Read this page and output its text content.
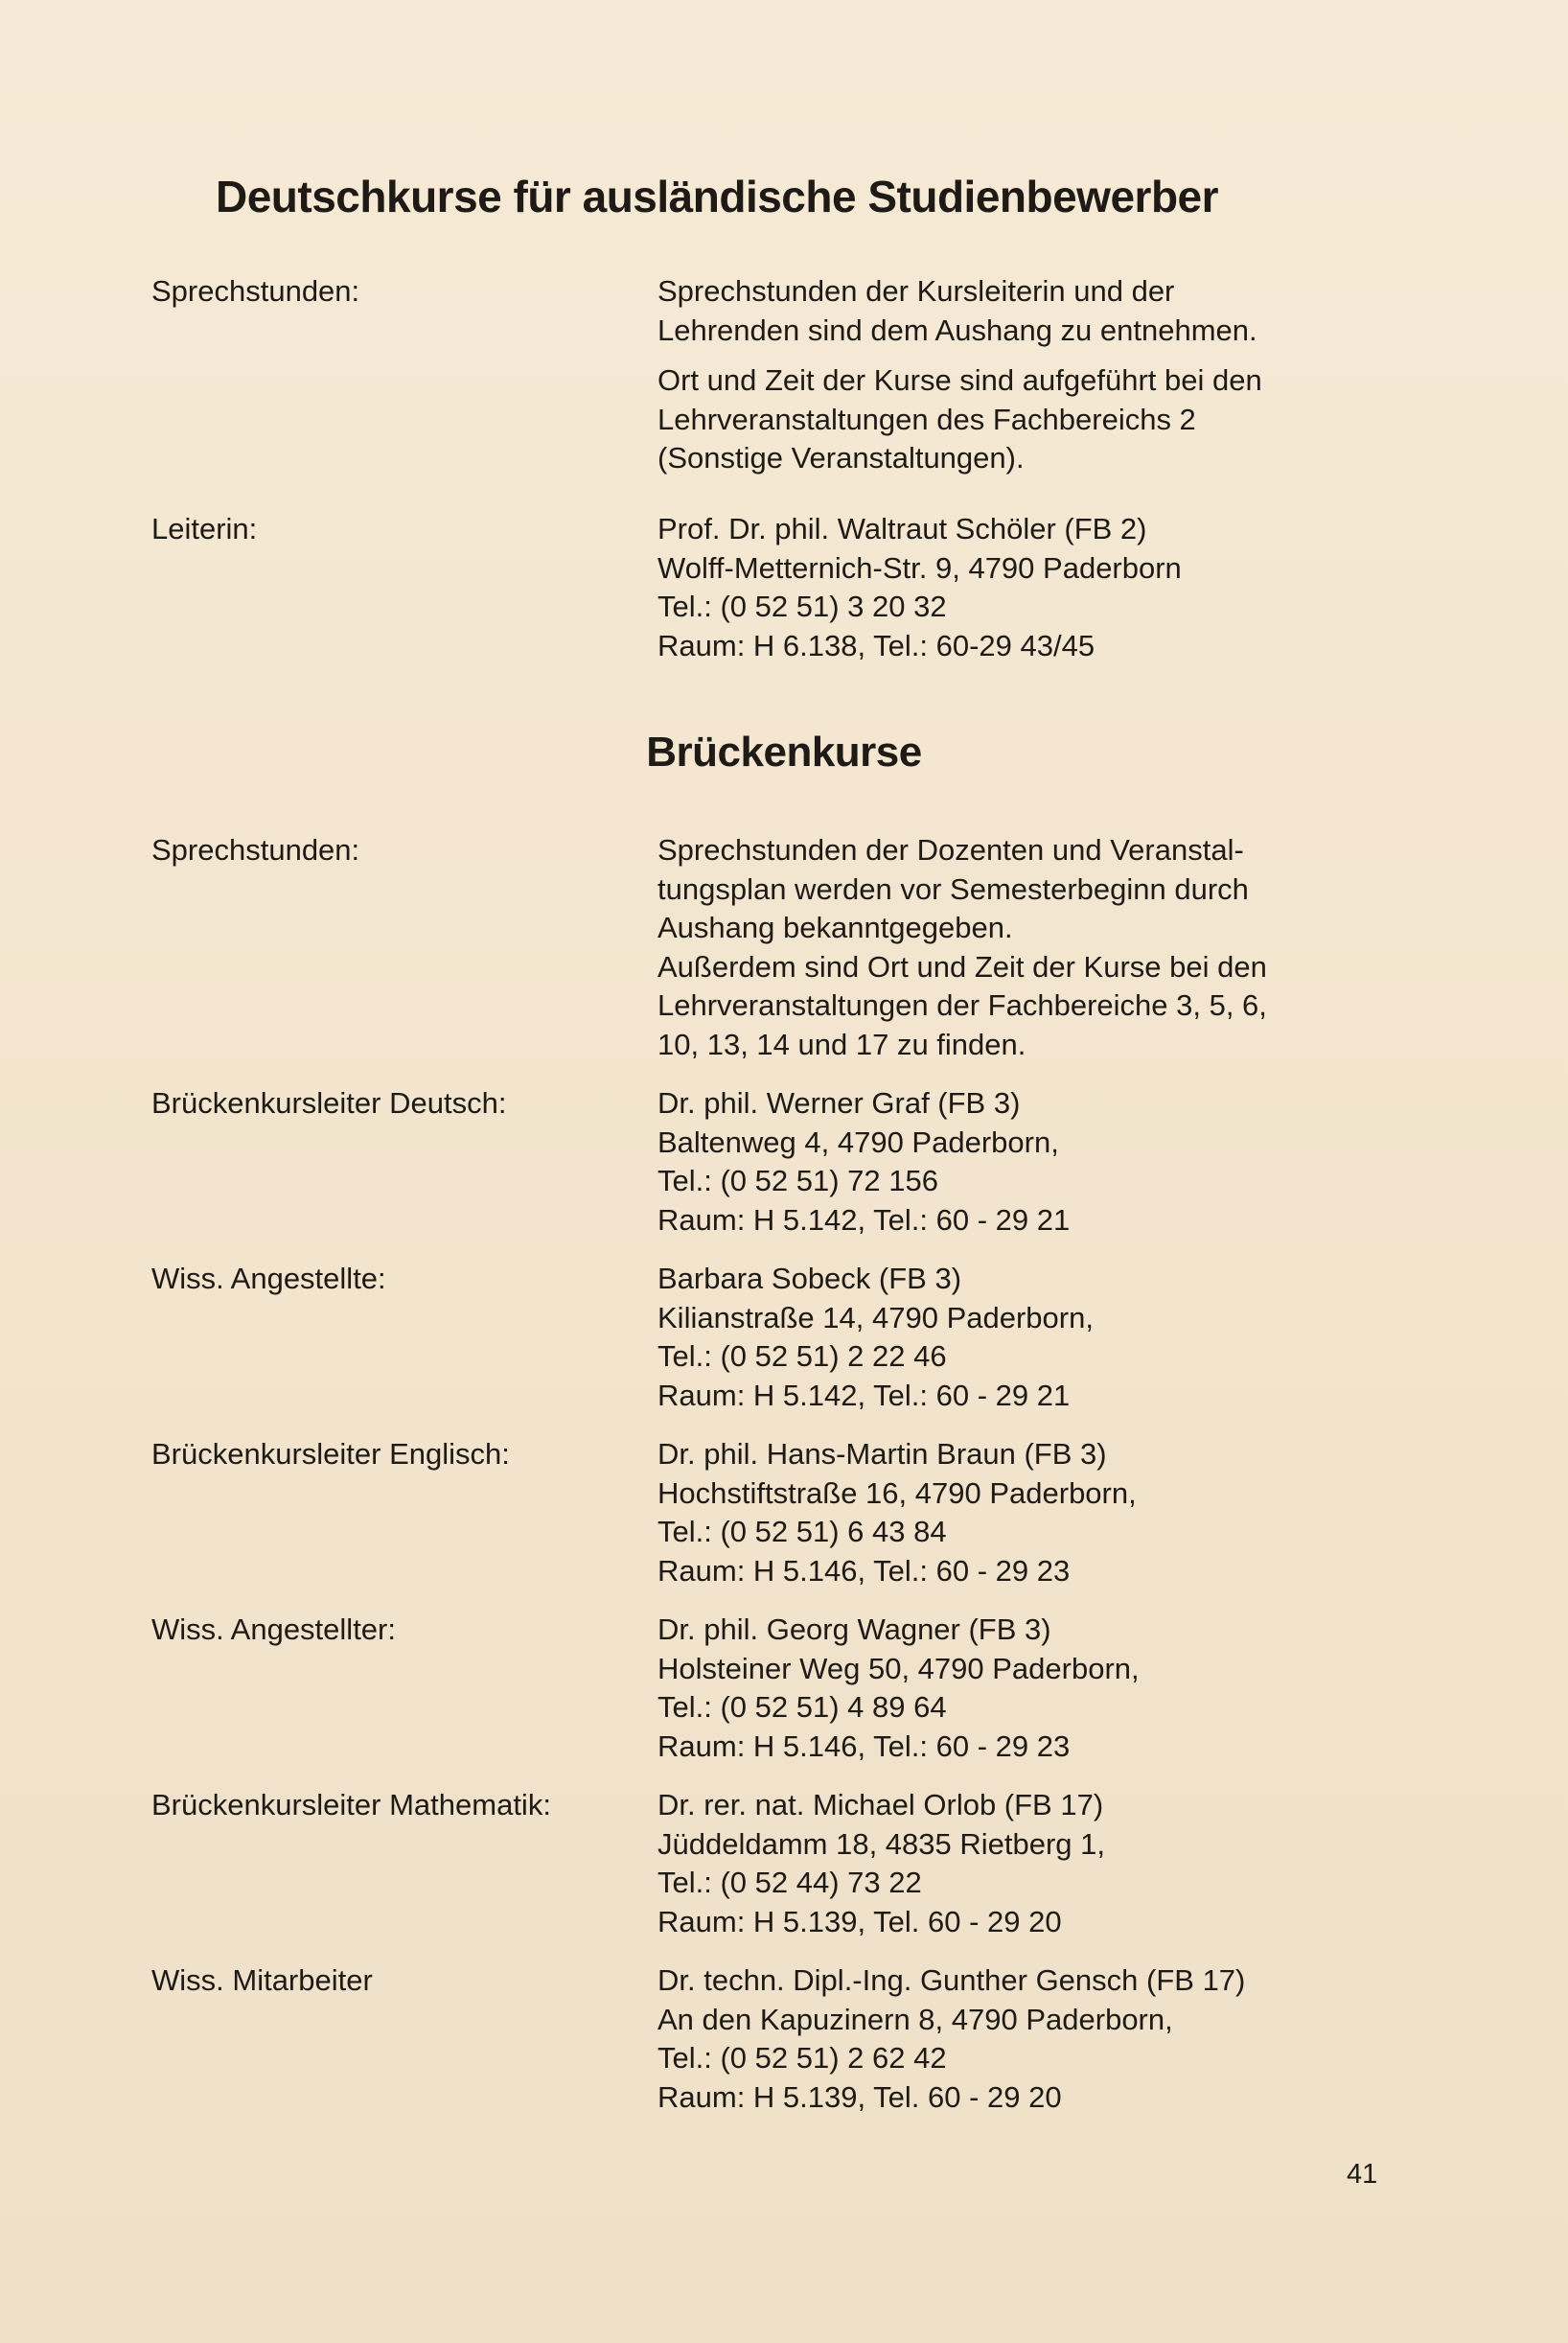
Deutschkurse für ausländische Studienbewerber
Sprechstunden:	Sprechstunden der Kursleiterin und der
Lehrenden sind dem Aushang zu entnehmen.
Ort und Zeit der Kurse sind aufgeführt bei den
Lehrveranstaltungen des Fachbereichs 2
(Sonstige Veranstaltungen).
Leiterin:	Prof. Dr. phil. Waltraut Schöler (FB 2)
Wolff-Metternich-Str. 9, 4790 Paderborn
Tel.: (0 52 51) 3 20 32
Raum: H 6.138, Tel.: 60-29 43/45
Brückenkurse
Sprechstunden:	Sprechstunden der Dozenten und Veranstal-
tungsplan werden vor Semesterbeginn durch
Aushang bekanntgegeben.
Außerdem sind Ort und Zeit der Kurse bei den
Lehrveranstaltungen der Fachbereiche 3, 5, 6,
10, 13, 14 und 17 zu finden.
Brückenkursleiter Deutsch:	Dr. phil. Werner Graf (FB 3)
Baltenweg 4, 4790 Paderborn,
Tel.: (0 52 51) 72 156
Raum: H 5.142, Tel.: 60 - 29 21
Wiss. Angestellte:	Barbara Sobeck (FB 3)
Kilianstraße 14, 4790 Paderborn,
Tel.: (0 52 51) 2 22 46
Raum: H 5.142, Tel.: 60 - 29 21
Brückenkursleiter Englisch:	Dr. phil. Hans-Martin Braun (FB 3)
Hochstiftstraße 16, 4790 Paderborn,
Tel.: (0 52 51) 6 43 84
Raum: H 5.146, Tel.: 60 - 29 23
Wiss. Angestellter:	Dr. phil. Georg Wagner (FB 3)
Holsteiner Weg 50, 4790 Paderborn,
Tel.: (0 52 51) 4 89 64
Raum: H 5.146, Tel.: 60 - 29 23
Brückenkursleiter Mathematik:	Dr. rer. nat. Michael Orlob (FB 17)
Jüddeldamm 18, 4835 Rietberg 1,
Tel.: (0 52 44) 73 22
Raum: H 5.139, Tel. 60 - 29 20
Wiss. Mitarbeiter	Dr. techn. Dipl.-Ing. Gunther Gensch (FB 17)
An den Kapuzinern 8, 4790 Paderborn,
Tel.: (0 52 51) 2 62 42
Raum: H 5.139, Tel. 60 - 29 20
41
